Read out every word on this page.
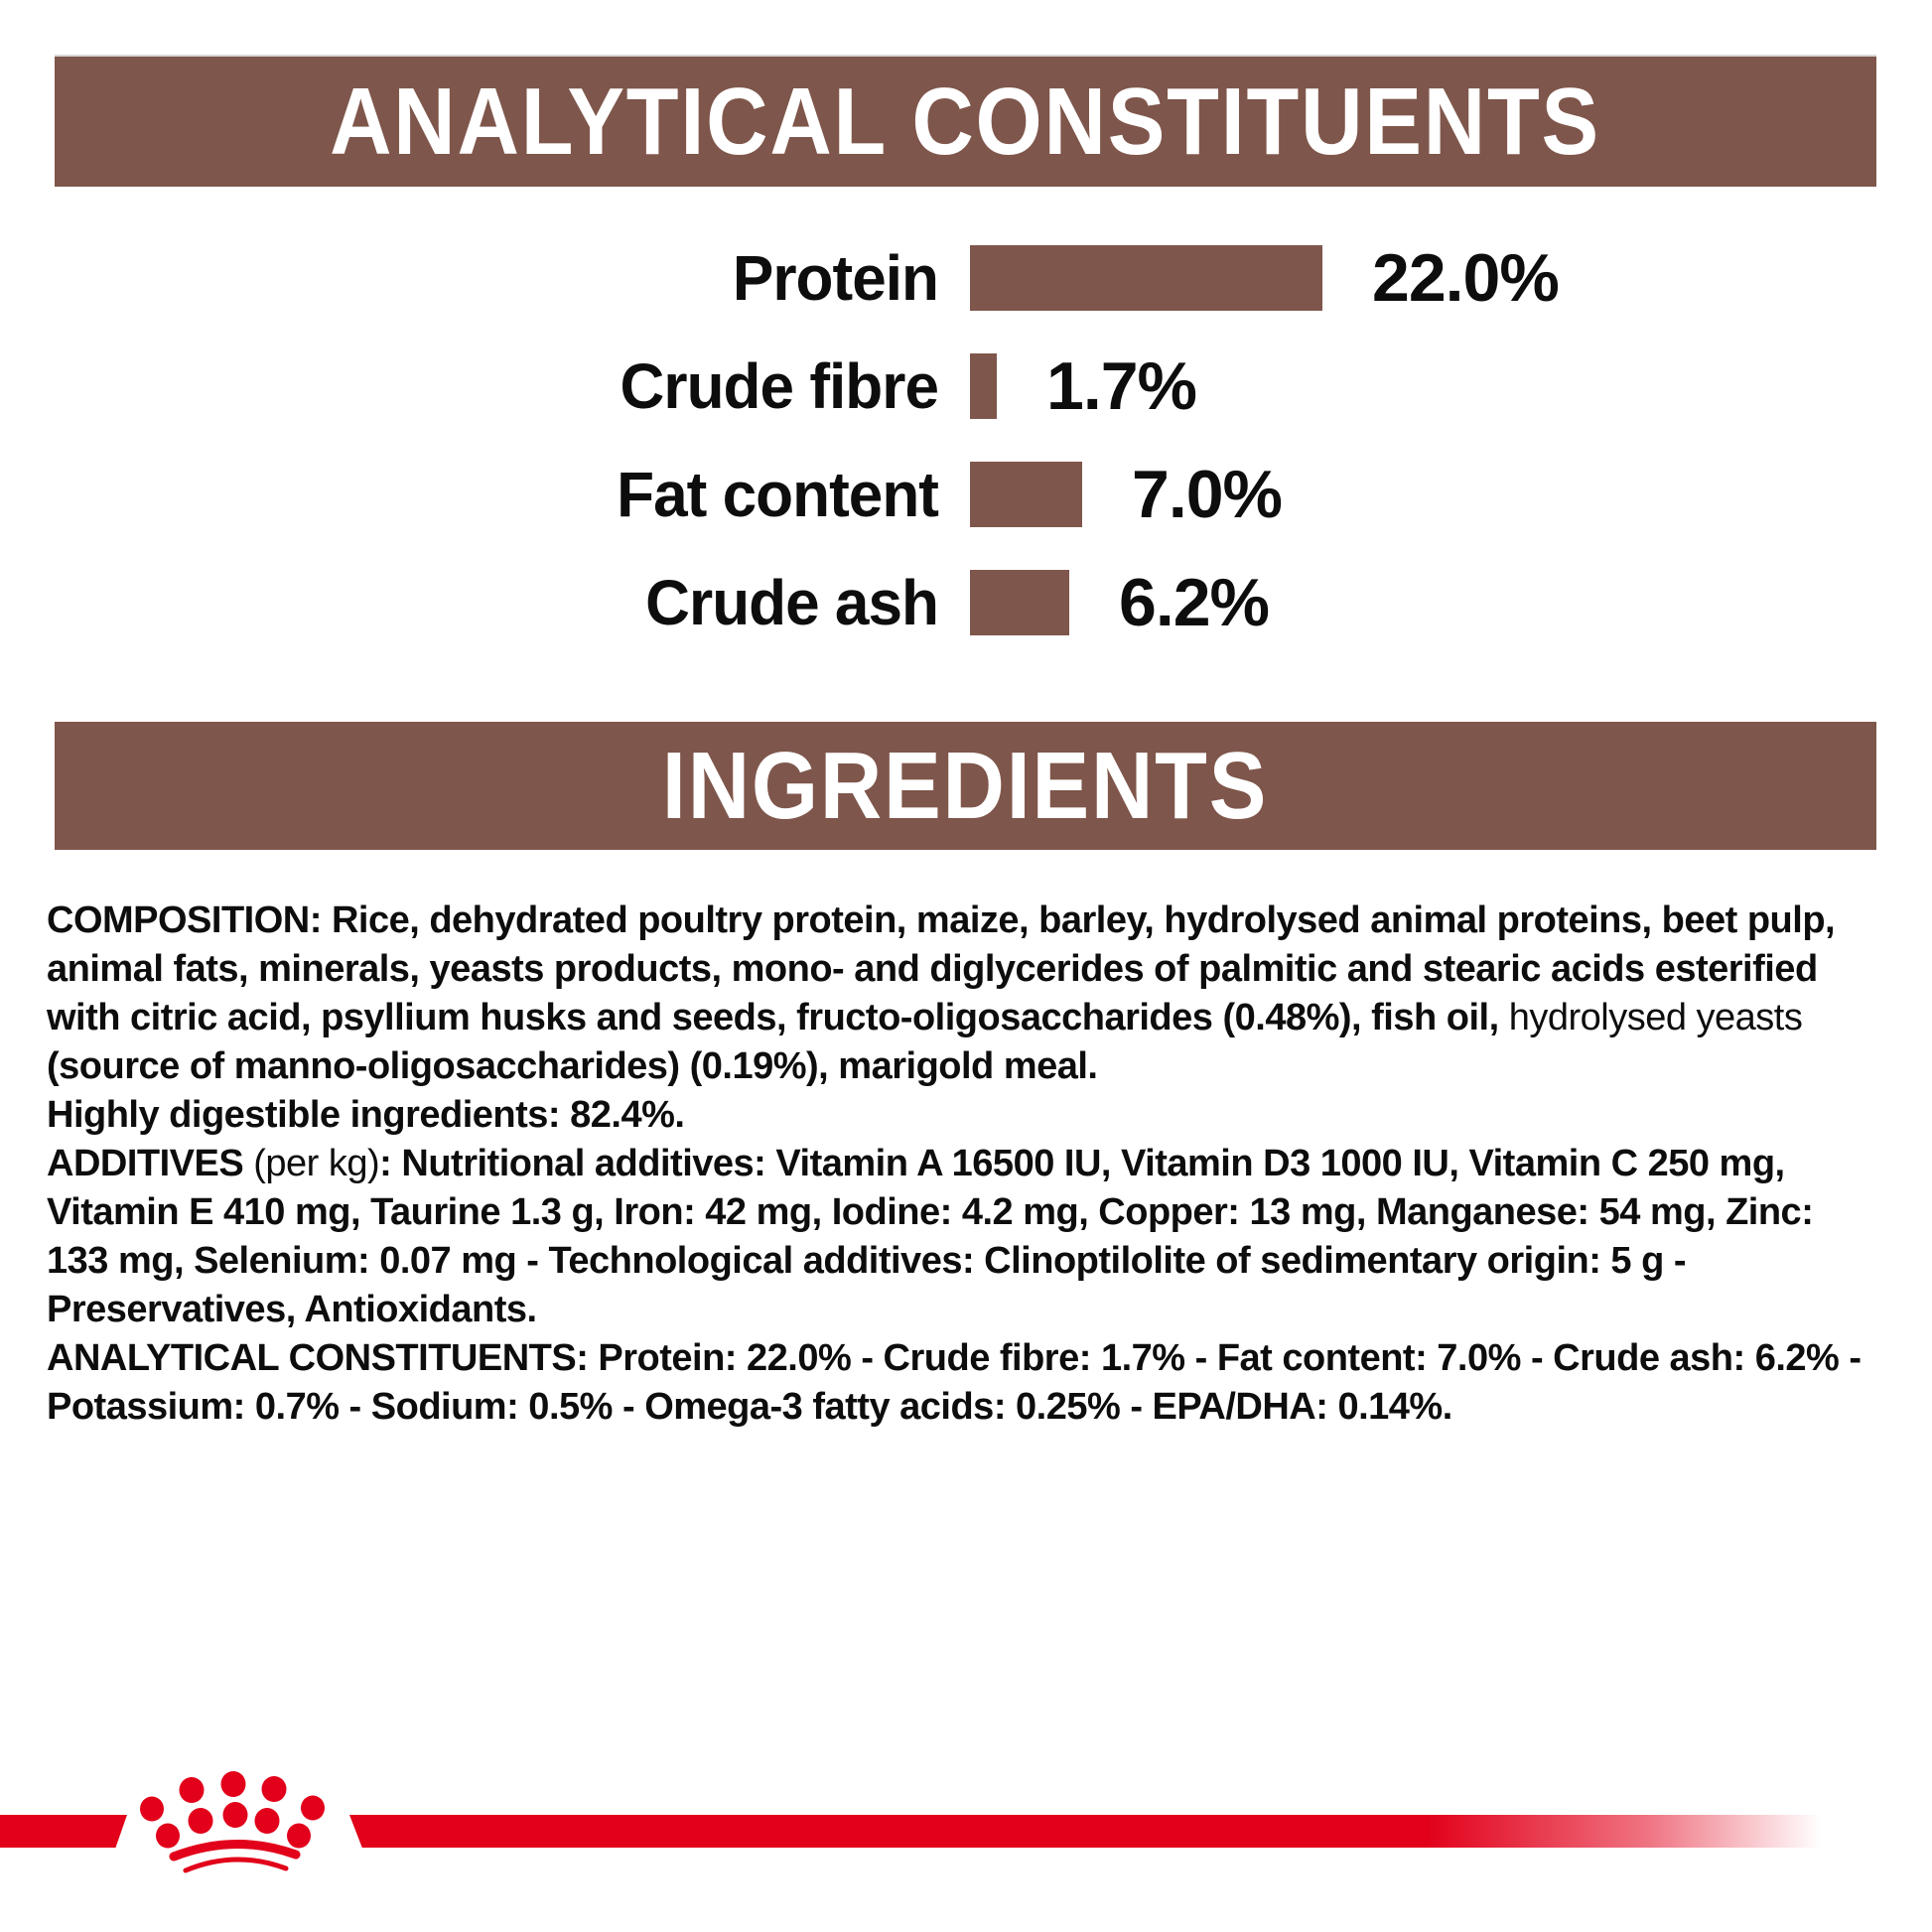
ANALYTICAL CONSTITUENTS
Protein	22.0%
Crude fibre 1.7%
Fat content	7.0%
Crude ash	6.2%
INGREDIENTS
COMPOSITION: Rice, dehydrated poultry protein, maize, barley, hydrolysed animal proteins, beet pulp,
animal fats, minerals, yeasts products, mono- and diglycerides of palmitic and stearic acids esterified
with citric acid, psyllium husks and seeds, fructo-oligosaccharides (0.48%), fish oil, hydrolysed yeasts
(source of manno-oligosaccharides) (0.19%), marigold meal.
Highly digestible ingredients: 82.4%.
ADDITIVES (per kg): Nutritional additives: Vitamin A 16500 IU, Vitamin D3 1000 IU, Vitamin C 250 mg,
Vitamin E 410 mg, Taurine 1.3 g, Iron: 42 mg, Iodine: 4.2 mg, Copper: 13 mg, Manganese: 54 mg, Zinc:
133 mg, Selenium: 0.07 mg - Technological additives: Clinoptilolite of sedimentary origin: 5 g -
Preservatives, Antioxidants.
ANALYTICAL CONSTITUENTS: Protein: 22.0% - Crude fibre: 1.7% - Fat content: 7.0% - Crude ash: 6.2% -
Potassium: 0.7% - Sodium: 0.5% - Omega-3 fatty acids: 0.25% - EPA/DHA: 0.14%.
